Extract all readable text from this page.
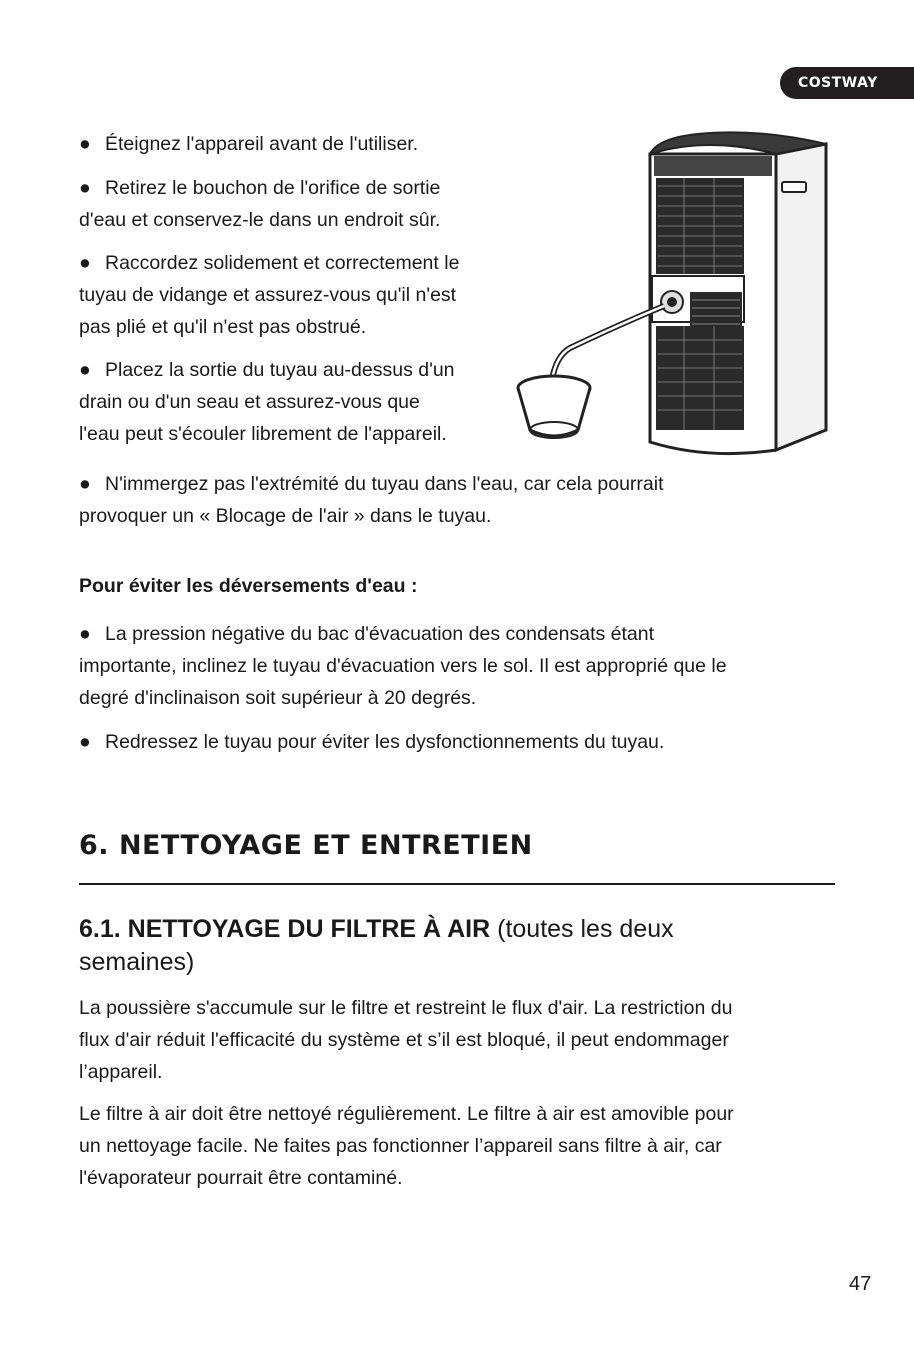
COSTWAY

● Éteignez l'appareil avant de l'utiliser.

● Retirez le bouchon de l'orifice de sortie
d'eau et conservez-le dans un endroit sûr.

● Raccordez solidement et correctement le
tuyau de vidange et assurez-vous qu'il n'est
pas plié et qu'il n'est pas obstrué.

● Placez la sortie du tuyau au-dessus d'un
drain ou d'un seau et assurez-vous que
l'eau peut s'écouler librement de l'appareil.

● N'immergez pas l'extrémité du tuyau dans l'eau, car cela pourrait
provoquer un « Blocage de l'air » dans le tuyau.

Pour éviter les déversements d'eau :

● La pression négative du bac d'évacuation des condensats étant
importante, inclinez le tuyau d'évacuation vers le sol. Il est approprié que le
degré d'inclinaison soit supérieur à 20 degrés.

● Redressez le tuyau pour éviter les dysfonctionnements du tuyau.

6. NETTOYAGE ET ENTRETIEN
6.1. NETTOYAGE DU FILTRE À AIR (toutes les deux semaines)

La poussière s'accumule sur le filtre et restreint le flux d'air. La restriction du
flux d'air réduit l'efficacité du système et s’il est bloqué, il peut endommager
l’appareil.

Le filtre à air doit être nettoyé régulièrement. Le filtre à air est amovible pour
un nettoyage facile. Ne faites pas fonctionner l’appareil sans filtre à air, car
l'évaporateur pourrait être contaminé.

47
